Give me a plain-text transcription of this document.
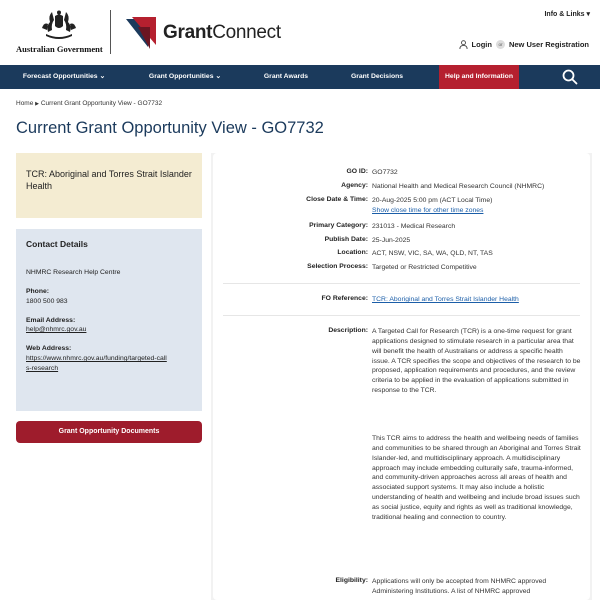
Australian Government
GrantConnect
Info & Links ▾
Login	or New User Registration
Forecast Opportunities ⌄	Grant Opportunities ⌄	Grant Awards	Grant Decisions	Help and Information
Home ▶ Current Grant Opportunity View - GO7732
Current Grant Opportunity View - GO7732
TCR: Aboriginal and Torres Strait Islander Health
Contact Details
NHMRC Research Help Centre
Phone:
1800 500 983
Email Address:
help@nhmrc.gov.au
Web Address:
https://www.nhmrc.gov.au/funding/targeted-calls-research
Grant Opportunity Documents
GO ID: GO7732
Agency: National Health and Medical Research Council (NHMRC)
Close Date & Time: 20-Aug-2025 5:00 pm (ACT Local Time)
Show close time for other time zones
Primary Category: 231013 - Medical Research
Publish Date: 25-Jun-2025
Location: ACT, NSW, VIC, SA, WA, QLD, NT, TAS
Selection Process: Targeted or Restricted Competitive
FO Reference: TCR: Aboriginal and Torres Strait Islander Health
Description: A Targeted Call for Research (TCR) is a one-time request for grant applications designed to stimulate research in a particular area that will benefit the health of Australians or address a specific health issue. A TCR specifies the scope and objectives of the research to be proposed, application requirements and procedures, and the review criteria to be applied in the evaluation of applications submitted in response to the TCR.
This TCR aims to address the health and wellbeing needs of families and communities to be shared through an Aboriginal and Torres Strait Islander-led, and multidisciplinary approach. A multidisciplinary approach may include embedding culturally safe, trauma-informed, and community-driven approaches across all areas of health and associated support systems. It may also include a holistic understanding of health and wellbeing and include broad issues such as social justice, equity and rights as well as traditional knowledge, traditional healing and connection to country.
Eligibility: Applications will only be accepted from NHMRC approved Administering Institutions. A list of NHMRC approved
